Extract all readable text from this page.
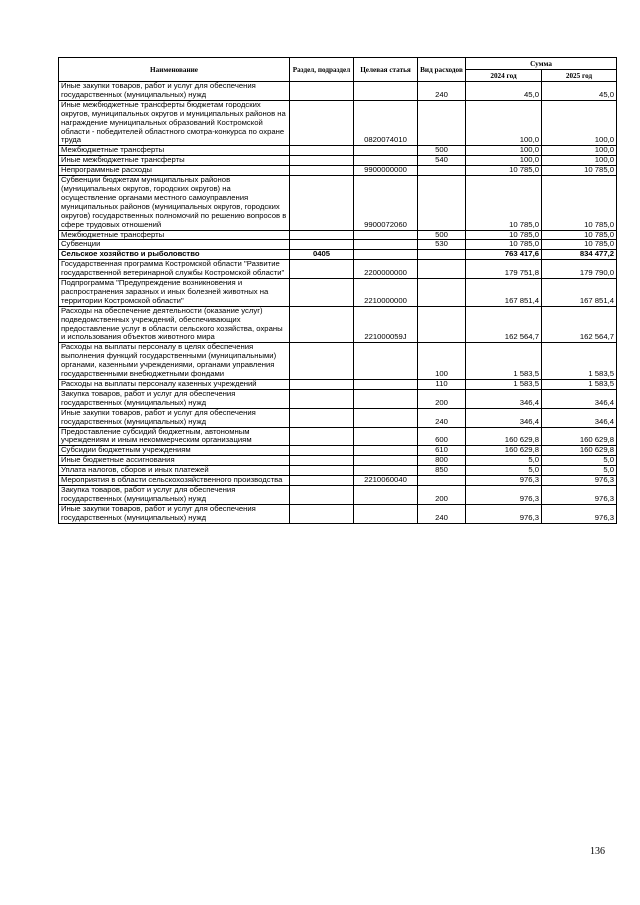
Наименование	Раздел, подраздел	Целевая статья	Вид расходов	Сумма	
				2024 год	2025 год
Иные закупки товаров, работ и услуг для обеспечения государственных (муниципальных) нужд			240	45,0	45,0
Иные межбюджетные трансферты бюджетам городских округов, муниципальных округов и муниципальных районов на награждение муниципальных образований Костромской области - победителей областного смотра-конкурса по охране труда		0820074010		100,0	100,0
Межбюджетные трансферты			500	100,0	100,0
Иные межбюджетные трансферты			540	100,0	100,0
Непрограммные расходы		9900000000		10 785,0	10 785,0
Субвенции бюджетам муниципальных районов (муниципальных округов, городских округов) на осуществление органами местного самоуправления муниципальных районов (муниципальных округов, городских округов) государственных полномочий по решению вопросов в сфере трудовых отношений		9900072060		10 785,0	10 785,0
Межбюджетные трансферты			500	10 785,0	10 785,0
Субвенции			530	10 785,0	10 785,0
Сельское хозяйство и рыболовство	0405			763 417,6	834 477,2
Государственная программа Костромской области "Развитие государственной ветеринарной службы Костромской области"		2200000000		179 751,8	179 790,0
Подпрограмма "Предупреждение возникновения и распространения заразных и иных болезней животных на территории Костромской области"		2210000000		167 851,4	167 851,4
Расходы на обеспечение деятельности (оказание услуг) подведомственных учреждений, обеспечивающих предоставление услуг в области сельского хозяйства, охраны и использования объектов животного мира		221000059J		162 564,7	162 564,7
Расходы на выплаты персоналу в целях обеспечения выполнения функций государственными (муниципальными) органами, казенными учреждениями, органами управления государственными внебюджетными фондами			100	1 583,5	1 583,5
Расходы на выплаты персоналу казенных учреждений			110	1 583,5	1 583,5
Закупка товаров, работ и услуг для обеспечения государственных (муниципальных) нужд			200	346,4	346,4
Иные закупки товаров, работ и услуг для обеспечения государственных (муниципальных) нужд			240	346,4	346,4
Предоставление субсидий бюджетным, автономным учреждениям и иным некоммерческим организациям			600	160 629,8	160 629,8
Субсидии бюджетным учреждениям			610	160 629,8	160 629,8
Иные бюджетные ассигнования			800	5,0	5,0
Уплата налогов, сборов и иных платежей			850	5,0	5,0
Мероприятия в области сельскохозяйственного производства		2210060040		976,3	976,3
Закупка товаров, работ и услуг для обеспечения государственных (муниципальных) нужд			200	976,3	976,3
Иные закупки товаров, работ и услуг для обеспечения государственных (муниципальных) нужд			240	976,3	976,3
136
